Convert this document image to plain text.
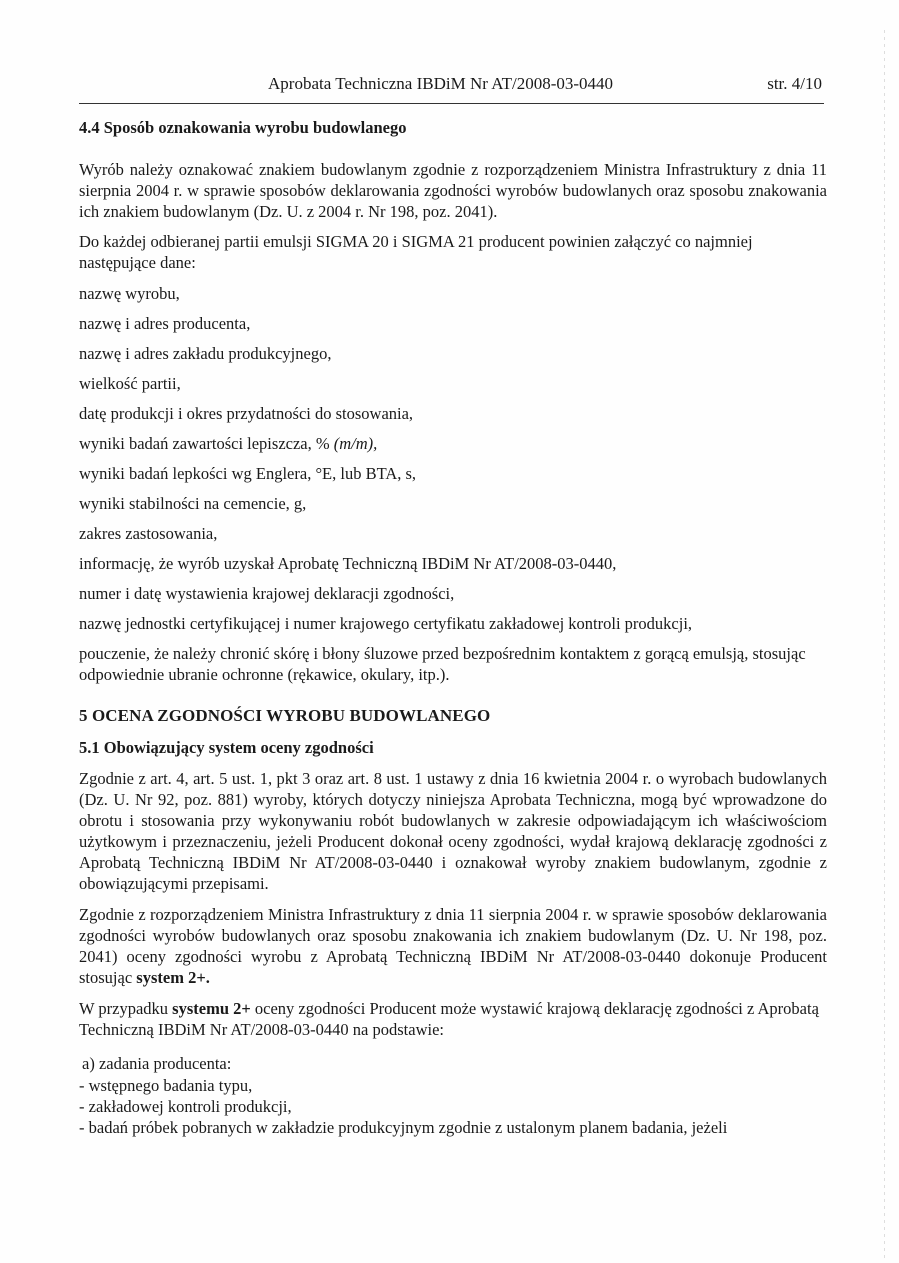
Aprobata Techniczna IBDiM Nr AT/2008-03-0440	str. 4/10
4.4 Sposób oznakowania wyrobu budowlanego

Wyrób należy oznakować znakiem budowlanym zgodnie z rozporządzeniem Ministra Infrastruktury z dnia 11 sierpnia 2004 r. w sprawie sposobów deklarowania zgodności wyrobów budowlanych oraz sposobu znakowania ich znakiem budowlanym (Dz. U. z 2004 r. Nr 198, poz. 2041).

Do każdej odbieranej partii emulsji SIGMA 20 i SIGMA 21 producent powinien załączyć co najmniej następujące dane:

nazwę wyrobu,
nazwę i adres producenta,
nazwę i adres zakładu produkcyjnego,
wielkość partii,
datę produkcji i okres przydatności do stosowania,
wyniki badań zawartości lepiszcza, % (m/m),
wyniki badań lepkości wg Englera, °E, lub BTA, s,
wyniki stabilności na cemencie, g,
zakres zastosowania,
informację, że wyrób uzyskał Aprobatę Techniczną IBDiM Nr AT/2008-03-0440,
numer i datę wystawienia krajowej deklaracji zgodności,
nazwę jednostki certyfikującej i numer krajowego certyfikatu zakładowej kontroli produkcji,

pouczenie, że należy chronić skórę i błony śluzowe przed bezpośrednim kontaktem z gorącą emulsją, stosując odpowiednie ubranie ochronne (rękawice, okulary, itp.).

5 OCENA ZGODNOŚCI WYROBU BUDOWLANEGO
5.1 Obowiązujący system oceny zgodności

Zgodnie z art. 4, art. 5 ust. 1, pkt 3 oraz art. 8 ust. 1 ustawy z dnia 16 kwietnia 2004 r. o wyrobach budowlanych (Dz. U. Nr 92, poz. 881) wyroby, których dotyczy niniejsza Aprobata Techniczna, mogą być wprowadzone do obrotu i stosowania przy wykonywaniu robót budowlanych w zakresie odpowiadającym ich właściwościom użytkowym i przeznaczeniu, jeżeli Producent dokonał oceny zgodności, wydał krajową deklarację zgodności z Aprobatą Techniczną IBDiM Nr AT/2008-03-0440 i oznakował wyroby znakiem budowlanym, zgodnie z obowiązującymi przepisami.

Zgodnie z rozporządzeniem Ministra Infrastruktury z dnia 11 sierpnia 2004 r. w sprawie sposobów deklarowania zgodności wyrobów budowlanych oraz sposobu znakowania ich znakiem budowlanym (Dz. U. Nr 198, poz. 2041) oceny zgodności wyrobu z Aprobatą Techniczną IBDiM Nr AT/2008-03-0440 dokonuje Producent stosując system 2+.

W przypadku systemu 2+ oceny zgodności Producent może wystawić krajową deklarację zgodności z Aprobatą Techniczną IBDiM Nr AT/2008-03-0440 na podstawie:

a) zadania producenta:
- wstępnego badania typu,
- zakładowej kontroli produkcji,
- badań próbek pobranych w zakładzie produkcyjnym zgodnie z ustalonym planem badania, jeżeli
